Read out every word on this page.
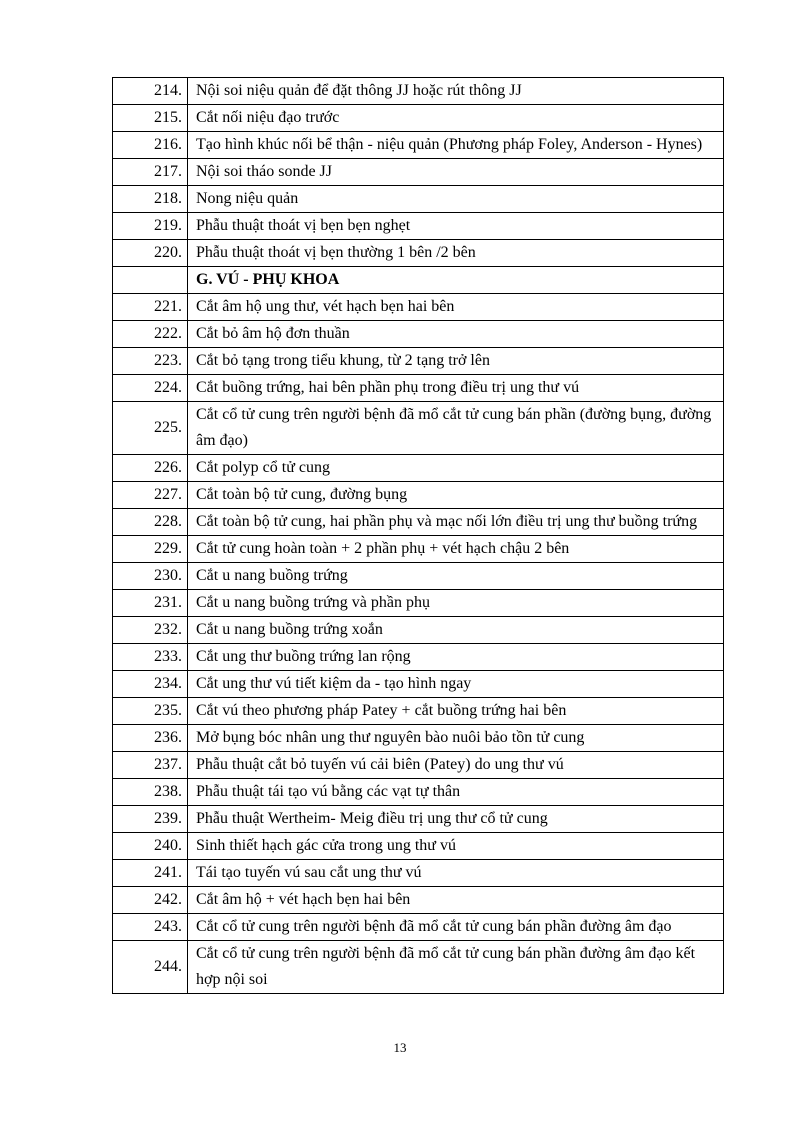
214.	Nội soi niệu quản để đặt thông JJ hoặc rút thông JJ
215.	Cắt nối niệu đạo trước
216.	Tạo hình khúc nối bể thận - niệu quản (Phương pháp Foley, Anderson - Hynes)
217.	Nội soi tháo sonde JJ
218.	Nong niệu quản
219.	Phẫu thuật thoát vị bẹn bẹn nghẹt
220.	Phẫu thuật thoát vị bẹn thường 1 bên /2 bên
	G. VÚ - PHỤ KHOA
221.	Cắt âm hộ ung thư, vét hạch bẹn hai bên
222.	Cắt bỏ âm hộ đơn thuần
223.	Cắt bỏ tạng trong tiểu khung, từ 2 tạng trở lên
224.	Cắt buồng trứng, hai bên phần phụ trong điều trị ung thư vú
225.	Cắt cổ tử cung trên người bệnh đã mổ cắt tử cung bán phần (đường bụng, đường âm đạo)
226.	Cắt polyp cổ tử cung
227.	Cắt toàn bộ tử cung, đường bụng
228.	Cắt toàn bộ tử cung, hai phần phụ và mạc nối lớn điều trị ung thư buồng trứng
229.	Cắt tử cung hoàn toàn + 2 phần phụ + vét hạch chậu 2 bên
230.	Cắt u nang buồng trứng
231.	Cắt u nang buồng trứng và phần phụ
232.	Cắt u nang buồng trứng xoắn
233.	Cắt ung thư buồng trứng lan rộng
234.	Cắt ung thư vú tiết kiệm da - tạo hình ngay
235.	Cắt vú theo phương pháp Patey + cắt buồng trứng hai bên
236.	Mở bụng bóc nhân ung thư nguyên bào nuôi bảo tồn tử cung
237.	Phẫu thuật cắt bỏ tuyến vú cải biên (Patey) do ung thư vú
238.	Phẫu thuật tái tạo vú bằng các vạt tự thân
239.	Phẫu thuật Wertheim- Meig điều trị ung thư cổ tử cung
240.	Sinh thiết hạch gác cửa trong ung thư vú
241.	Tái tạo tuyến vú sau cắt ung thư vú
242.	Cắt âm hộ + vét hạch bẹn hai bên
243.	Cắt cổ tử cung trên người bệnh đã mổ cắt tử cung bán phần đường âm đạo
244.	Cắt cổ tử cung trên người bệnh đã mổ cắt tử cung bán phần đường âm đạo kết hợp nội soi
13
